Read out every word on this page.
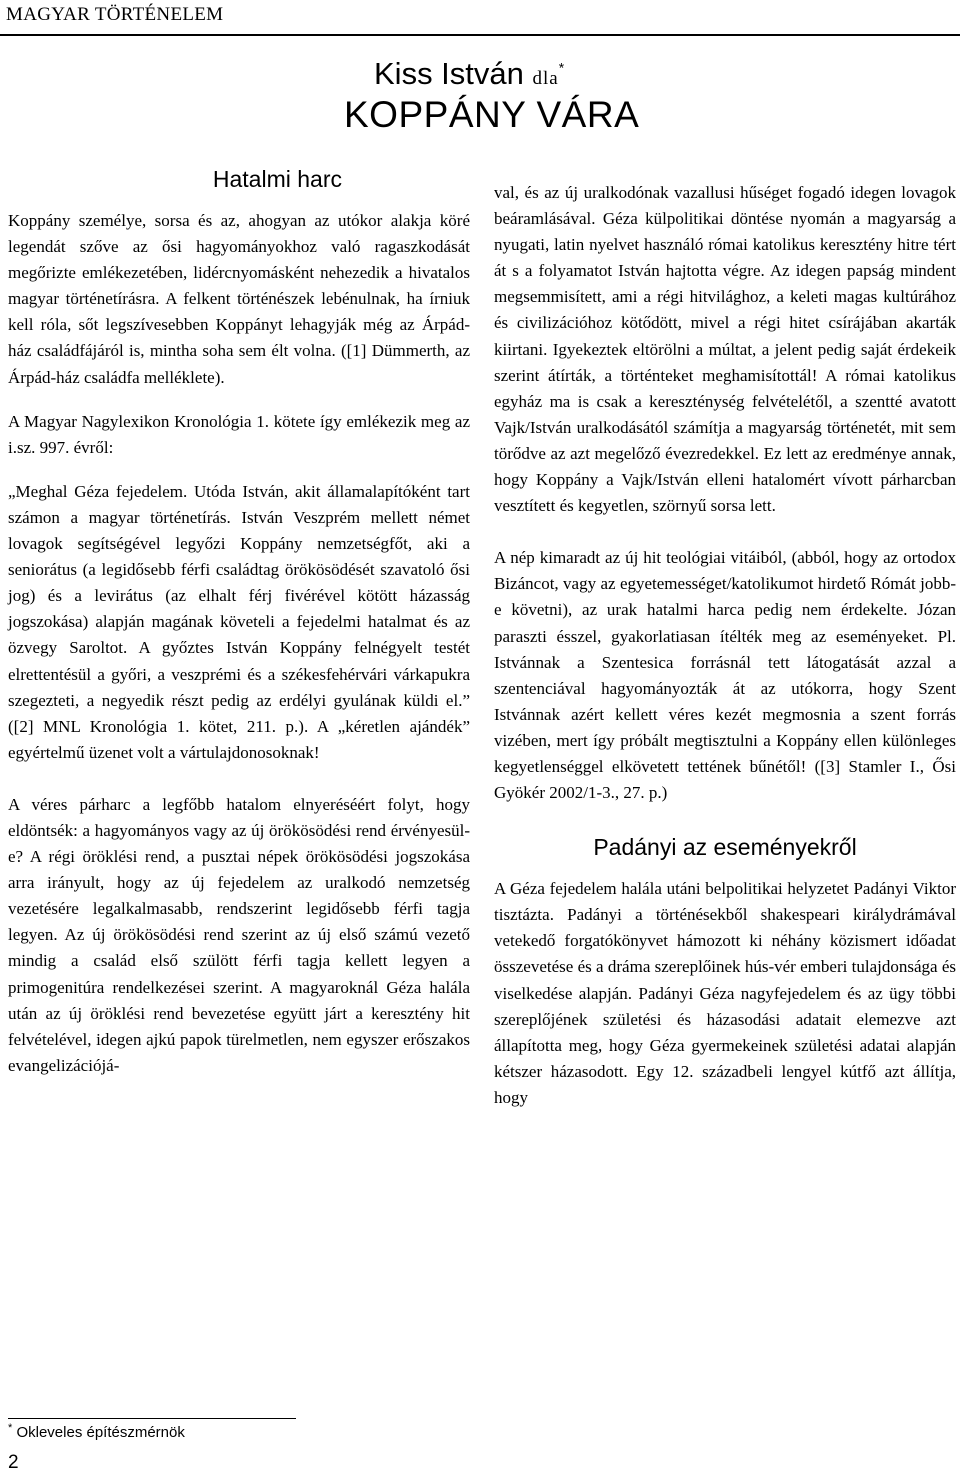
MAGYAR TÖRTÉNELEM
Kiss István dla*
KOPPÁNY VÁRA
Hatalmi harc

Koppány személye, sorsa és az, ahogyan az utókor alakja köré legendát szőve az ősi hagyományokhoz való ragaszkodását megőrizte emlékezetében, lidércnyomásként nehezedik a hivatalos magyar történetírásra. A felkent történészek lebénulnak, ha írniuk kell róla, sőt legszívesebben Koppányt lehagyják még az Árpád-ház családfájáról is, mintha soha sem élt volna. ([1] Dümmerth, az Árpád-ház családfa melléklete).

A Magyar Nagylexikon Kronológia 1. kötete így emlékezik meg az i.sz. 997. évről:

„Meghal Géza fejedelem. Utóda István, akit államalapítóként tart számon a magyar történetírás. István Veszprém mellett német lovagok segítségével legyőzi Koppány nemzetségfőt, aki a seniorátus (a legidősebb férfi családtag örökösödését szavatoló ősi jog) és a levirátus (az elhalt férj fivérével kötött házasság jogszokása) alapján magának követeli a fejedelmi hatalmat és az özvegy Saroltot. A győztes István Koppány felnégyelt testét elrettentésül a győri, a veszprémi és a székesfehérvári várkapukra szegezteti, a negyedik részt pedig az erdélyi gyulának küldi el.” ([2] MNL Kronológia 1. kötet, 211. p.). A „kéretlen ajándék” egyértelmű üzenet volt a vártulajdonosoknak!

A véres párharc a legfőbb hatalom elnyeréséért folyt, hogy eldöntsék: a hagyományos vagy az új örökösödési rend érvényesül-e? A régi öröklési rend, a pusztai népek örökösödési jogszokása arra irányult, hogy az új fejedelem az uralkodó nemzetség vezetésére legalkalmasabb, rendszerint legidősebb férfi tagja legyen. Az új örökösödési rend szerint az új első számú vezető mindig a család első szülött férfi tagja kellett legyen a primogenitúra rendelkezései szerint. A magyaroknál Géza halála után az új öröklési rend bevezetése együtt járt a keresztény hit felvételével, idegen ajkú papok türelmetlen, nem egyszer erőszakos evangelizációjá-

val, és az új uralkodónak vazallusi hűséget fogadó idegen lovagok beáramlásával. Géza külpolitikai döntése nyomán a magyarság a nyugati, latin nyelvet használó római katolikus keresztény hitre tért át s a folyamatot István hajtotta végre. Az idegen papság mindent megsemmisített, ami a régi hitvilághoz, a keleti magas kultúrához és civilizációhoz kötődött, mivel a régi hitet csírájában akarták kiirtani. Igyekeztek eltörölni a múltat, a jelent pedig saját érdekeik szerint átírták, a történteket meghamisítottál! A római katolikus egyház ma is csak a kereszténység felvételétől, a szentté avatott Vajk/István uralkodásától számítja a magyarság történetét, mit sem törődve az azt megelőző évezredekkel. Ez lett az eredménye annak, hogy Koppány a Vajk/István elleni hatalomért vívott párharcban vesztített és kegyetlen, szörnyű sorsa lett.

A nép kimaradt az új hit teológiai vitáiból, (abból, hogy az ortodox Bizáncot, vagy az egyetemességet/katolikumot hirdető Rómát jobb-e követni), az urak hatalmi harca pedig nem érdekelte. Józan paraszti ésszel, gyakorlatiasan ítélték meg az eseményeket. Pl. Istvánnak a Szentesica forrásnál tett látogatását azzal a szentenciával hagyományozták át az utókorra, hogy Szent Istvánnak azért kellett véres kezét megmosnia a szent forrás vizében, mert így próbált megtisztulni a Koppány ellen különleges kegyetlenséggel elkövetett tettének bűnétől! ([3] Stamler I., Ősi Gyökér 2002/1-3., 27. p.)

Padányi az eseményekről

A Géza fejedelem halála utáni belpolitikai helyzetet Padányi Viktor tisztázta. Padányi a történésekből shakespeari királydrámával vetekedő forgatókönyvet hámozott ki néhány közismert időadat összevetése és a dráma szereplőinek hús-vér emberi tulajdonsága és viselkedése alapján. Padányi Géza nagyfejedelem és az ügy többi szereplőjének születési és házasodási adatait elemezve azt állapította meg, hogy Géza gyermekeinek születési adatai alapján kétszer házasodott. Egy 12. századbeli lengyel kútfő azt állítja, hogy

* Okleveles építészmérnök
2
